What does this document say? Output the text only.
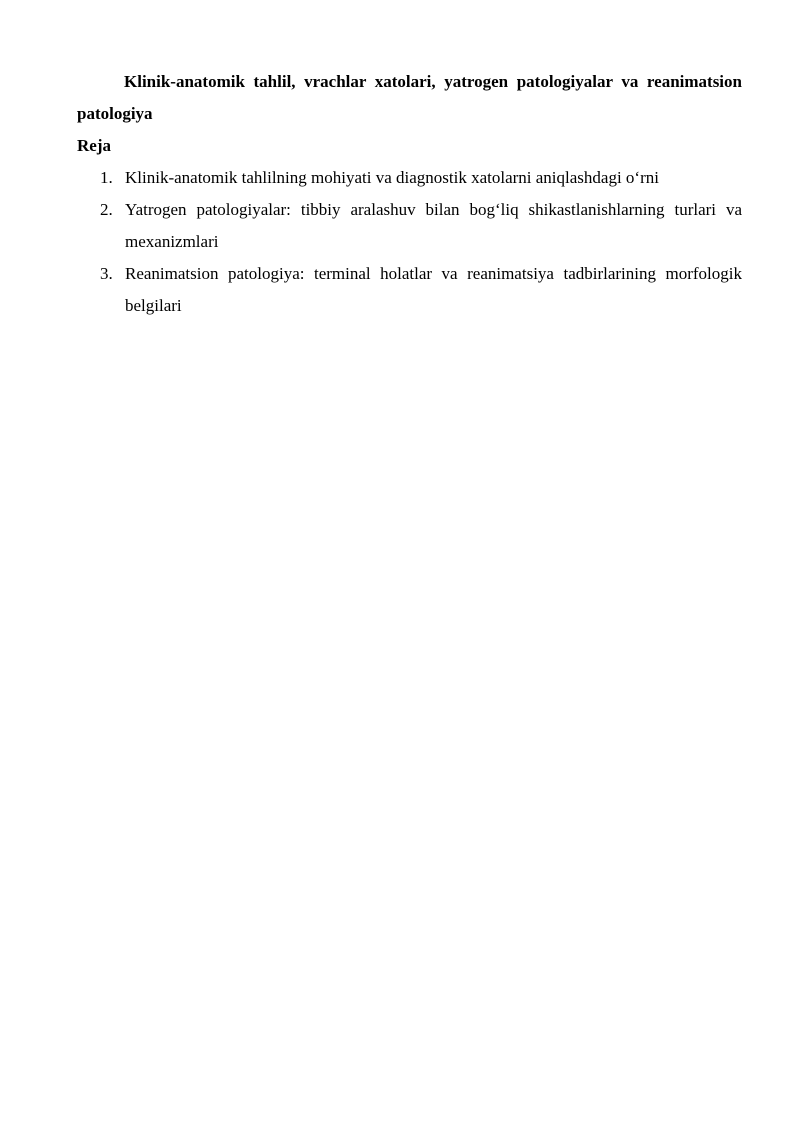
Klinik-anatomik tahlil, vrachlar xatolari, yatrogen patologiyalar va reanimatsion patologiya

Reja

1. Klinik-anatomik tahlilning mohiyati va diagnostik xatolarni aniqlashdagi o‘rni
2. Yatrogen patologiyalar: tibbiy aralashuv bilan bog‘liq shikastlanishlarning turlari va mexanizmlari
3. Reanimatsion patologiya: terminal holatlar va reanimatsiya tadbirlarining morfologik belgilari
